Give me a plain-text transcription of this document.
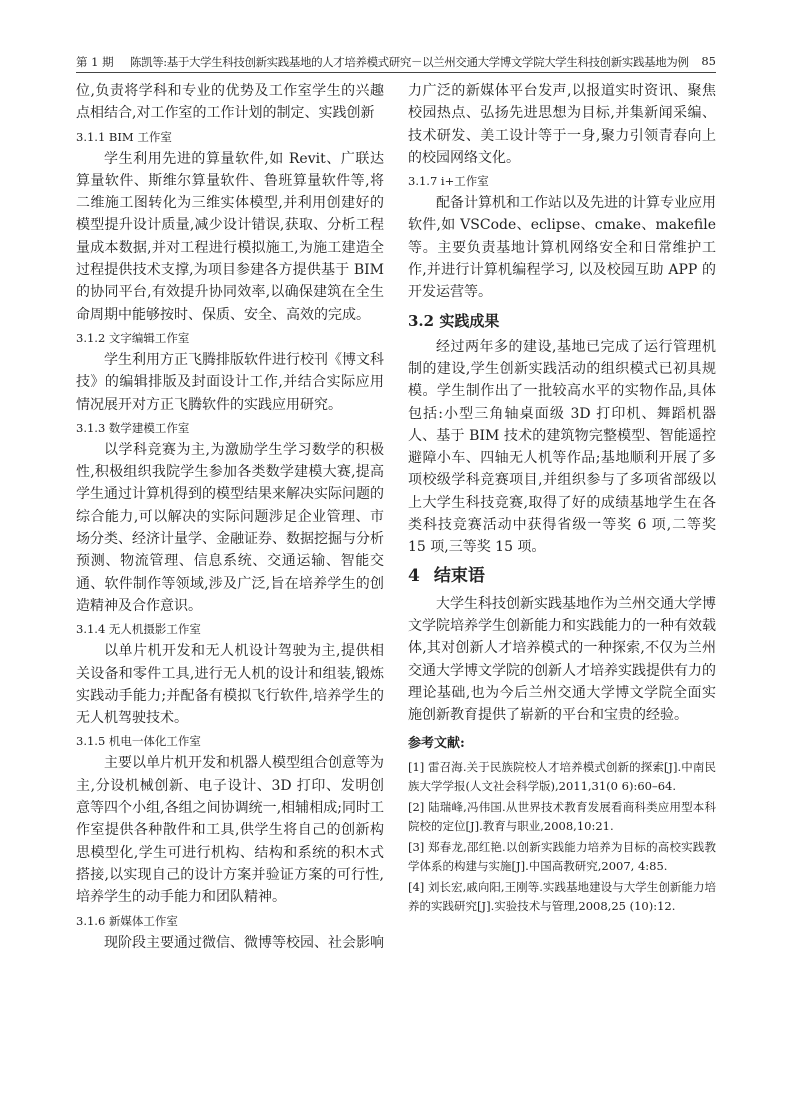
第 1 期 陈凯等:基于大学生科技创新实践基地的人才培养模式研究－以兰州交通大学博文学院大学生科技创新实践基地为例 85

位,负责将学科和专业的优势及工作室学生的兴趣点相结合,对工作室的工作计划的制定、实践创新

3.1.1 BIM 工作室

学生利用先进的算量软件,如 Revit、广联达算量软件、斯维尔算量软件、鲁班算量软件等,将二维施工图转化为三维实体模型,并利用创建好的模型提升设计质量,减少设计错误,获取、分析工程量成本数据,并对工程进行模拟施工,为施工建造全过程提供技术支撑,为项目参建各方提供基于 BIM 的协同平台,有效提升协同效率,以确保建筑在全生命周期中能够按时、保质、安全、高效的完成。

3.1.2 文字编辑工作室

学生利用方正飞腾排版软件进行校刊《博文科技》的编辑排版及封面设计工作,并结合实际应用情况展开对方正飞腾软件的实践应用研究。

3.1.3 数学建模工作室

以学科竞赛为主,为激励学生学习数学的积极性,积极组织我院学生参加各类数学建模大赛,提高学生通过计算机得到的模型结果来解决实际问题的综合能力,可以解决的实际问题涉足企业管理、市场分类、经济计量学、金融证券、数据挖掘与分析预测、物流管理、信息系统、交通运输、智能交通、软件制作等领域,涉及广泛,旨在培养学生的创造精神及合作意识。

3.1.4 无人机摄影工作室

以单片机开发和无人机设计驾驶为主,提供相关设备和零件工具,进行无人机的设计和组装,锻炼实践动手能力;并配备有模拟飞行软件,培养学生的无人机驾驶技术。

3.1.5 机电一体化工作室

主要以单片机开发和机器人模型组合创意等为主,分设机械创新、电子设计、3D 打印、发明创意等四个小组,各组之间协调统一,相辅相成;同时工作室提供各种散件和工具,供学生将自己的创新构思模型化,学生可进行机构、结构和系统的积木式搭接,以实现自己的设计方案并验证方案的可行性,培养学生的动手能力和团队精神。

3.1.6 新媒体工作室

现阶段主要通过微信、微博等校园、社会影响

力广泛的新媒体平台发声,以报道实时资讯、聚焦校园热点、弘扬先进思想为目标,并集新闻采编、技术研发、美工设计等于一身,聚力引领青春向上的校园网络文化。

3.1.7 i+工作室

配备计算机和工作站以及先进的计算专业应用软件,如 VSCode、eclipse、cmake、makefile 等。主要负责基地计算机网络安全和日常维护工作,并进行计算机编程学习, 以及校园互助 APP 的开发运营等。

3.2 实践成果

经过两年多的建设,基地已完成了运行管理机制的建设,学生创新实践活动的组织模式已初具规模。学生制作出了一批较高水平的实物作品,具体包括:小型三角轴桌面级 3D 打印机、舞蹈机器人、基于 BIM 技术的建筑物完整模型、智能遥控避障小车、四轴无人机等作品;基地顺利开展了多项校级学科竞赛项目,并组织参与了多项省部级以上大学生科技竞赛,取得了好的成绩基地学生在各类科技竞赛活动中获得省级一等奖 6 项,二等奖 15 项,三等奖 15 项。

4 结束语

大学生科技创新实践基地作为兰州交通大学博文学院培养学生创新能力和实践能力的一种有效载体,其对创新人才培养模式的一种探索,不仅为兰州交通大学博文学院的创新人才培养实践提供有力的理论基础,也为今后兰州交通大学博文学院全面实施创新教育提供了崭新的平台和宝贵的经验。

参考文献:

[1] 雷召海.关于民族院校人才培养模式创新的探索[J].中南民族大学学报(人文社会科学版),2011,31(0 6):60–64.

[2] 陆瑞峰,冯伟国.从世界技术教育发展看商科类应用型本科院校的定位[J].教育与职业,2008,10:21.

[3] 郑春龙,邵红艳.以创新实践能力培养为目标的高校实践教学体系的构建与实施[J].中国高教研究,2007, 4:85.

[4] 刘长宏,戚向阳,王刚等.实践基地建设与大学生创新能力培养的实践研究[J].实验技术与管理,2008,25 (10):12.
